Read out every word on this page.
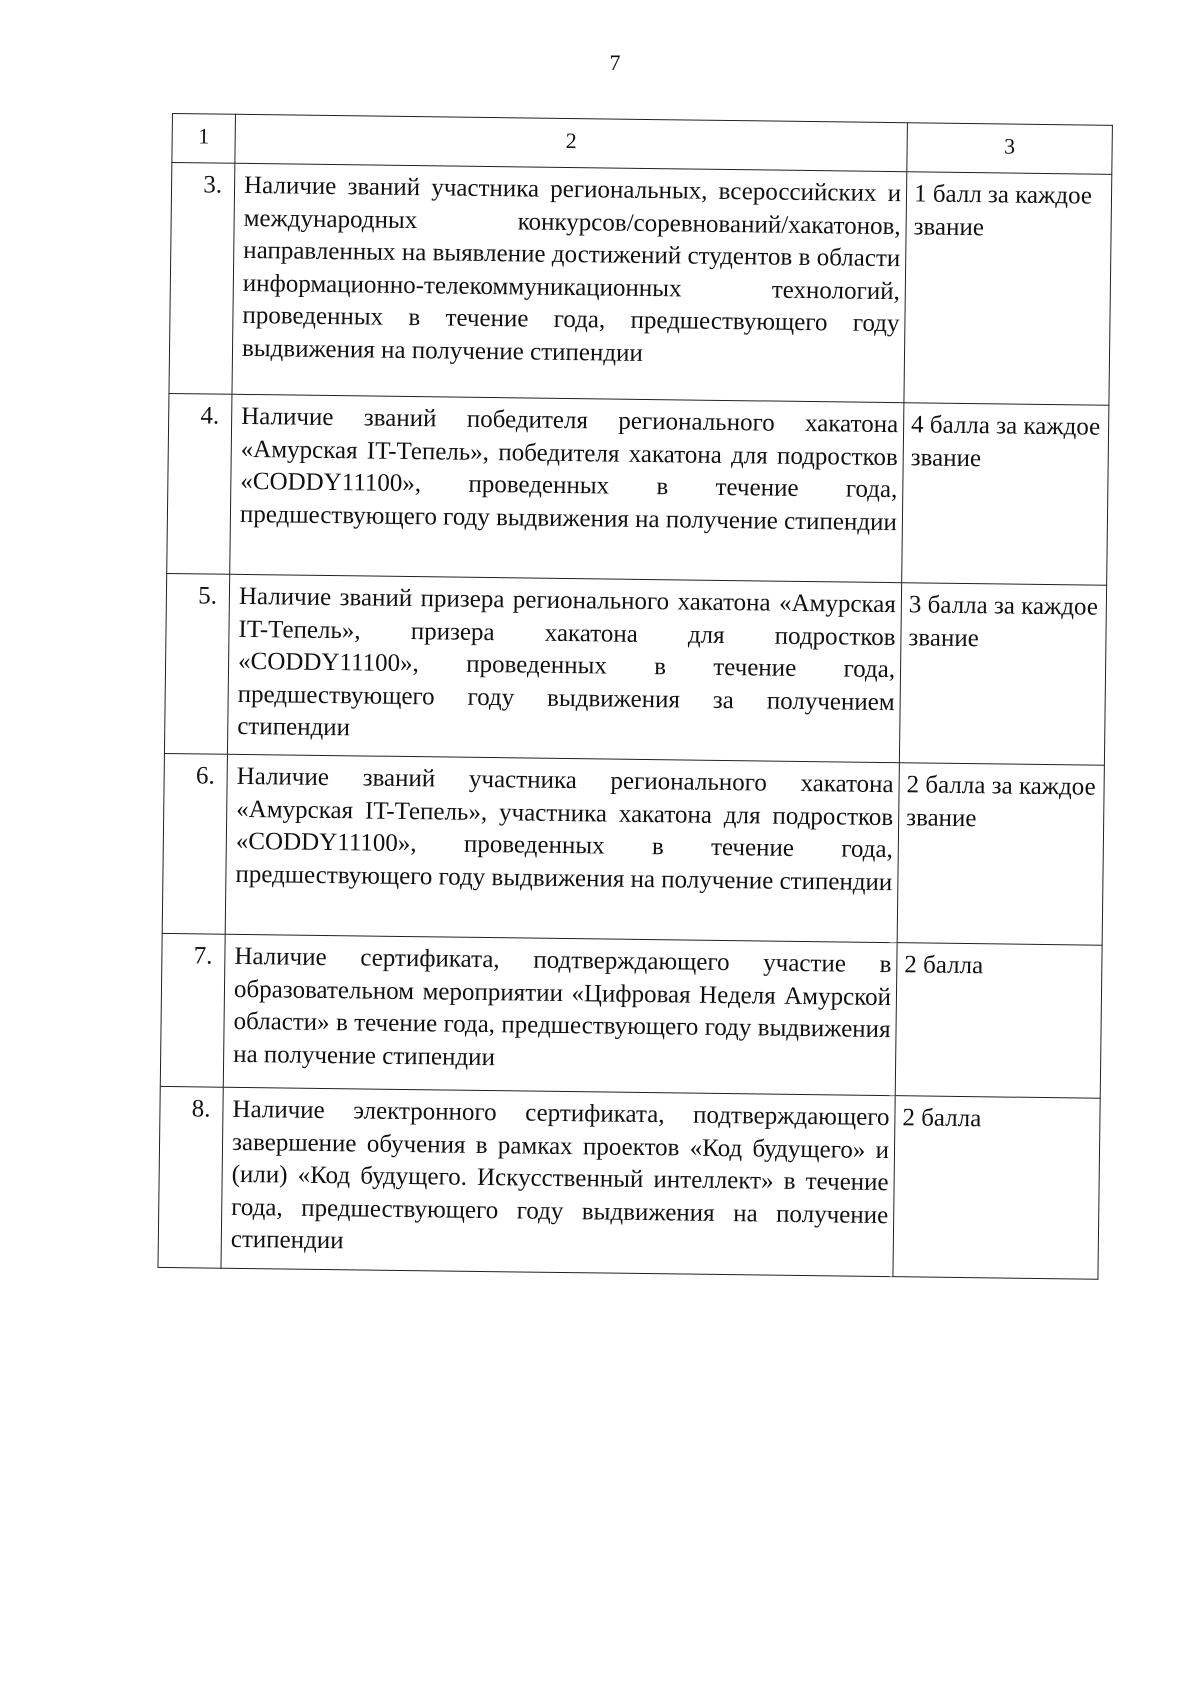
7
1	2	3
3.	Наличие званий участника региональных, всероссийских и международных конкурсов/соревнований/хакатонов, направленных на выявление достижений студентов в области информационно-телекоммуникационных технологий, проведенных в течение года, предшествующего году выдвижения на получение стипендии	1 балл за каждое звание
4.	Наличие званий победителя регионального хакатона «Амурская IT-Тепель», победителя хакатона для подростков «CODDY11100», проведенных в течение года, предшествующего году выдвижения на получение стипендии	4 балла за каждое звание
5.	Наличие званий призера регионального хакатона «Амурская IT-Тепель», призера хакатона для подростков «CODDY11100», проведенных в течение года, предшествующего году выдвижения за получением стипендии	3 балла за каждое звание
6.	Наличие званий участника регионального хакатона «Амурская IT-Тепель», участника хакатона для подростков «CODDY11100», проведенных в течение года, предшествующего году выдвижения на получение стипендии	2 балла за каждое звание
7.	Наличие сертификата, подтверждающего участие в образовательном мероприятии «Цифровая Неделя Амурской области» в течение года, предшествующего году выдвижения на получение стипендии	2 балла
8.	Наличие электронного сертификата, подтверждающего завершение обучения в рамках проектов «Код будущего» и (или) «Код будущего. Искусственный интеллект» в течение года, предшествующего году выдвижения на получение стипендии	2 балла
